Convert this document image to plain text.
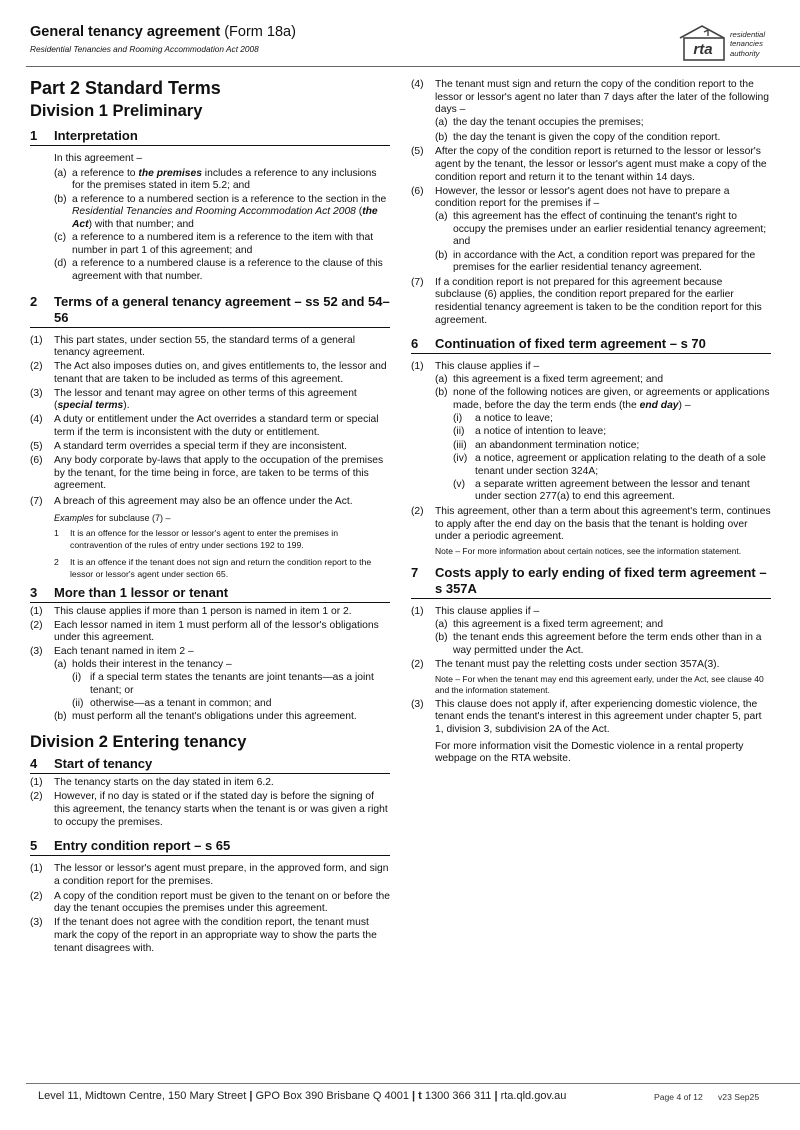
General tenancy agreement (Form 18a)
Residential Tenancies and Rooming Accommodation Act 2008	rta
residential
tenancies
authority
Part 2 Standard Terms
Division 1 Preliminary
1	Interpretation
In this agreement –
(a) a reference to the premises includes a reference to any inclusions for the premises stated in item 5.2; and
(b) a reference to a numbered section is a reference to the section in the Residential Tenancies and Rooming Accommodation Act 2008 (the Act) with that number; and
(c) a reference to a numbered item is a reference to the item with that number in part 1 of this agreement; and
(d) a reference to a numbered clause is a reference to the clause of this agreement with that number.
2	Terms of a general tenancy agreement – ss 52 and 54–56
(1)	This part states, under section 55, the standard terms of a general tenancy agreement.
(2)	The Act also imposes duties on, and gives entitlements to, the lessor and tenant that are taken to be included as terms of this agreement.
(3)	The lessor and tenant may agree on other terms of this agreement (special terms).
(4)	A duty or entitlement under the Act overrides a standard term or special term if the term is inconsistent with the duty or entitlement.
(5)	A standard term overrides a special term if they are inconsistent.
(6)	Any body corporate by-laws that apply to the occupation of the premises by the tenant, for the time being in force, are taken to be terms of this agreement.
(7)	A breach of this agreement may also be an offence under the Act.
Examples for subclause (7) –
1	It is an offence for the lessor or lessor's agent to enter the premises in contravention of the rules of entry under sections 192 to 199.
2	It is an offence if the tenant does not sign and return the condition report to the lessor or lessor's agent under section 65.
3	More than 1 lessor or tenant
(1)	This clause applies if more than 1 person is named in item 1 or 2.
(2)	Each lessor named in item 1 must perform all of the lessor's obligations under this agreement.
(3)	Each tenant named in item 2 –
(a) holds their interest in the tenancy –
(i) if a special term states the tenants are joint tenants—as a joint tenant; or
(ii) otherwise—as a tenant in common; and
(b) must perform all the tenant's obligations under this agreement.
Division 2 Entering tenancy
4	Start of tenancy
(1)	The tenancy starts on the day stated in item 6.2.
(2)	However, if no day is stated or if the stated day is before the signing of this agreement, the tenancy starts when the tenant is or was given a right to occupy the premises.
5	Entry condition report – s 65
(1)	The lessor or lessor's agent must prepare, in the approved form, and sign a condition report for the premises.
(2)	A copy of the condition report must be given to the tenant on or before the day the tenant occupies the premises under this agreement.
(3)	If the tenant does not agree with the condition report, the tenant must mark the copy of the report in an appropriate way to show the parts the tenant disagrees with.
(4)	The tenant must sign and return the copy of the condition report to the lessor or lessor's agent no later than 7 days after the later of the following days –
(a) the day the tenant occupies the premises;
(b) the day the tenant is given the copy of the condition report.
(5)	After the copy of the condition report is returned to the lessor or lessor's agent by the tenant, the lessor or lessor's agent must make a copy of the condition report and return it to the tenant within 14 days.
(6)	However, the lessor or lessor's agent does not have to prepare a condition report for the premises if –
(a) this agreement has the effect of continuing the tenant's right to occupy the premises under an earlier residential tenancy agreement; and
(b) in accordance with the Act, a condition report was prepared for the premises for the earlier residential tenancy agreement.
(7)	If a condition report is not prepared for this agreement because subclause (6) applies, the condition report prepared for the earlier residential tenancy agreement is taken to be the condition report for this agreement.
6	Continuation of fixed term agreement – s 70
(1)	This clause applies if –
(a) this agreement is a fixed term agreement; and
(b) none of the following notices are given, or agreements or applications made, before the day the term ends (the end day) –
(i)	a notice to leave;
(ii)	a notice of intention to leave;
(iii) an abandonment termination notice;
(iv) a notice, agreement or application relating to the death of a sole tenant under section 324A;
(v) a separate written agreement between the lessor and tenant under section 277(a) to end this agreement.
(2)	This agreement, other than a term about this agreement's term, continues to apply after the end day on the basis that the tenant is holding over under a periodic agreement.
Note – For more information about certain notices, see the information statement.
7	Costs apply to early ending of fixed term agreement – s 357A
(1)	This clause applies if –
(a) this agreement is a fixed term agreement; and
(b) the tenant ends this agreement before the term ends other than in a way permitted under the Act.
(2)	The tenant must pay the reletting costs under section 357A(3).
Note – For when the tenant may end this agreement early, under the Act, see clause 40 and the information statement.
(3)	This clause does not apply if, after experiencing domestic violence, the tenant ends the tenant's interest in this agreement under chapter 5, part 1, division 3, subdivision 2A of the Act.
For more information visit the Domestic violence in a rental property webpage on the RTA website.
Level 11, Midtown Centre, 150 Mary Street | GPO Box 390 Brisbane Q 4001 | t 1300 366 311 | rta.qld.gov.au	Page 4 of 12 v23 Sep25
